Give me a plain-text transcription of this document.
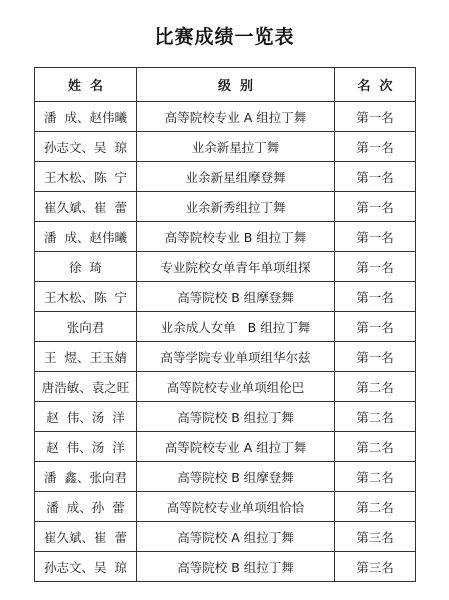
比赛成绩一览表
姓  名	级  别	名  次
潘  成、赵伟曦	高等院校专业 A 组拉丁舞	第一名
孙志文、吴  琼	业余新星拉丁舞	第一名
王木松、陈  宁	业余新星组摩登舞	第一名
崔久斌、崔  蕾	业余新秀组拉丁舞	第一名
潘  成、赵伟曦	高等院校专业 B 组拉丁舞	第一名
徐  琦	专业院校女单青年单项组探	第一名
王木松、陈  宁	高等院校 B 组摩登舞	第一名
张向君	业余成人女单   B 组拉丁舞	第一名
王  煜、王玉婧	高等学院专业单项组华尔兹	第一名
唐浩敏、袁之旺	高等院校专业单项组伦巴	第二名
赵  伟、汤  洋	高等院校 B 组拉丁舞	第二名
赵  伟、汤  洋	高等院校专业 A 组拉丁舞	第二名
潘  鑫、张向君	高等院校 B 组摩登舞	第二名
潘  成、孙  蕾	高等院校专业单项组恰恰	第二名
崔久斌、崔  蕾	高等院校 A 组拉丁舞	第三名
孙志文、吴  琼	高等院校 B 组拉丁舞	第三名
